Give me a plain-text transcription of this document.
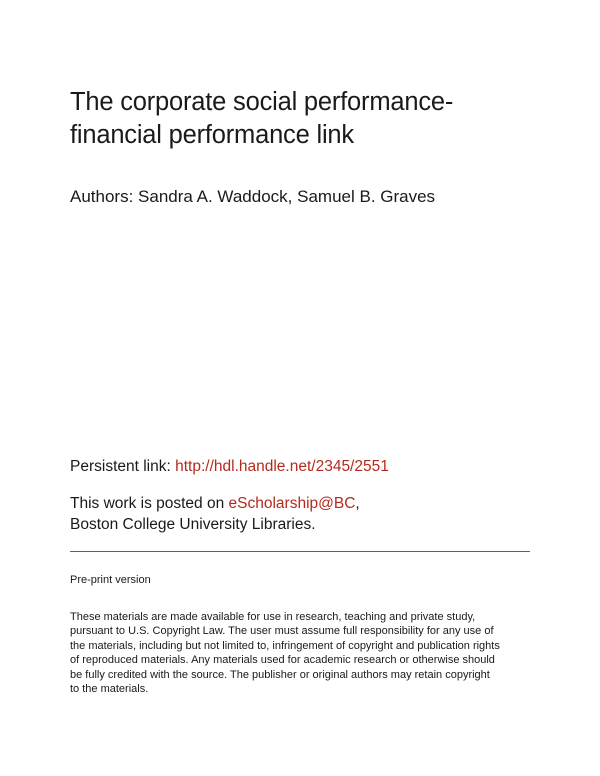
The corporate social performance-
financial performance link
Authors: Sandra A. Waddock, Samuel B. Graves
Persistent link: http://hdl.handle.net/2345/2551
This work is posted on eScholarship@BC,
Boston College University Libraries.
Pre-print version
These materials are made available for use in research, teaching and private study,
pursuant to U.S. Copyright Law. The user must assume full responsibility for any use of
the materials, including but not limited to, infringement of copyright and publication rights
of reproduced materials. Any materials used for academic research or otherwise should
be fully credited with the source. The publisher or original authors may retain copyright
to the materials.
